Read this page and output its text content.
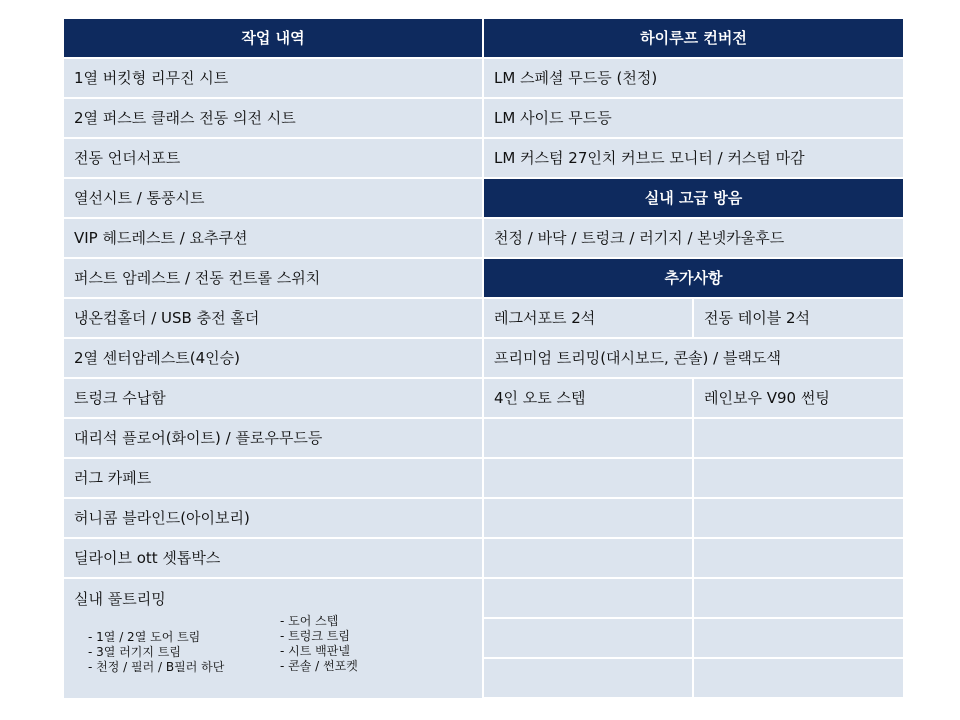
작업 내역
1열 버킷형 리무진 시트
2열 퍼스트 클래스 전동 의전 시트
전동 언더서포트
열선시트 / 통풍시트
VIP 헤드레스트 / 요추쿠션
퍼스트 암레스트 / 전동 컨트롤 스위치
냉온컵홀더 / USB 충전 홀더
2열 센터암레스트(4인승)
트렁크 수납함
대리석 플로어(화이트) / 플로우무드등
러그 카페트
허니콤 블라인드(아이보리)
딜라이브 ott 셋톱박스
실내 풀트리밍
- 1열 / 2열 도어 트림
- 3열 러기지 트림
- 천정 / 필러 / B필러 하단
- 도어 스텝
- 트렁크 트림
- 시트 백판넬
- 콘솔 / 썬포켓
하이루프 컨버전
LM 스페셜 무드등 (천정)
LM 사이드 무드등
LM 커스텀 27인치 커브드 모니터 / 커스텀 마감
실내 고급 방음
천정 / 바닥 / 트렁크 / 러기지 / 본넷카울후드
추가사항
레그서포트 2석	전동 테이블 2석
프리미엄 트리밍(대시보드, 콘솔) / 블랙도색
4인 오토 스텝	레인보우 V90 썬팅
